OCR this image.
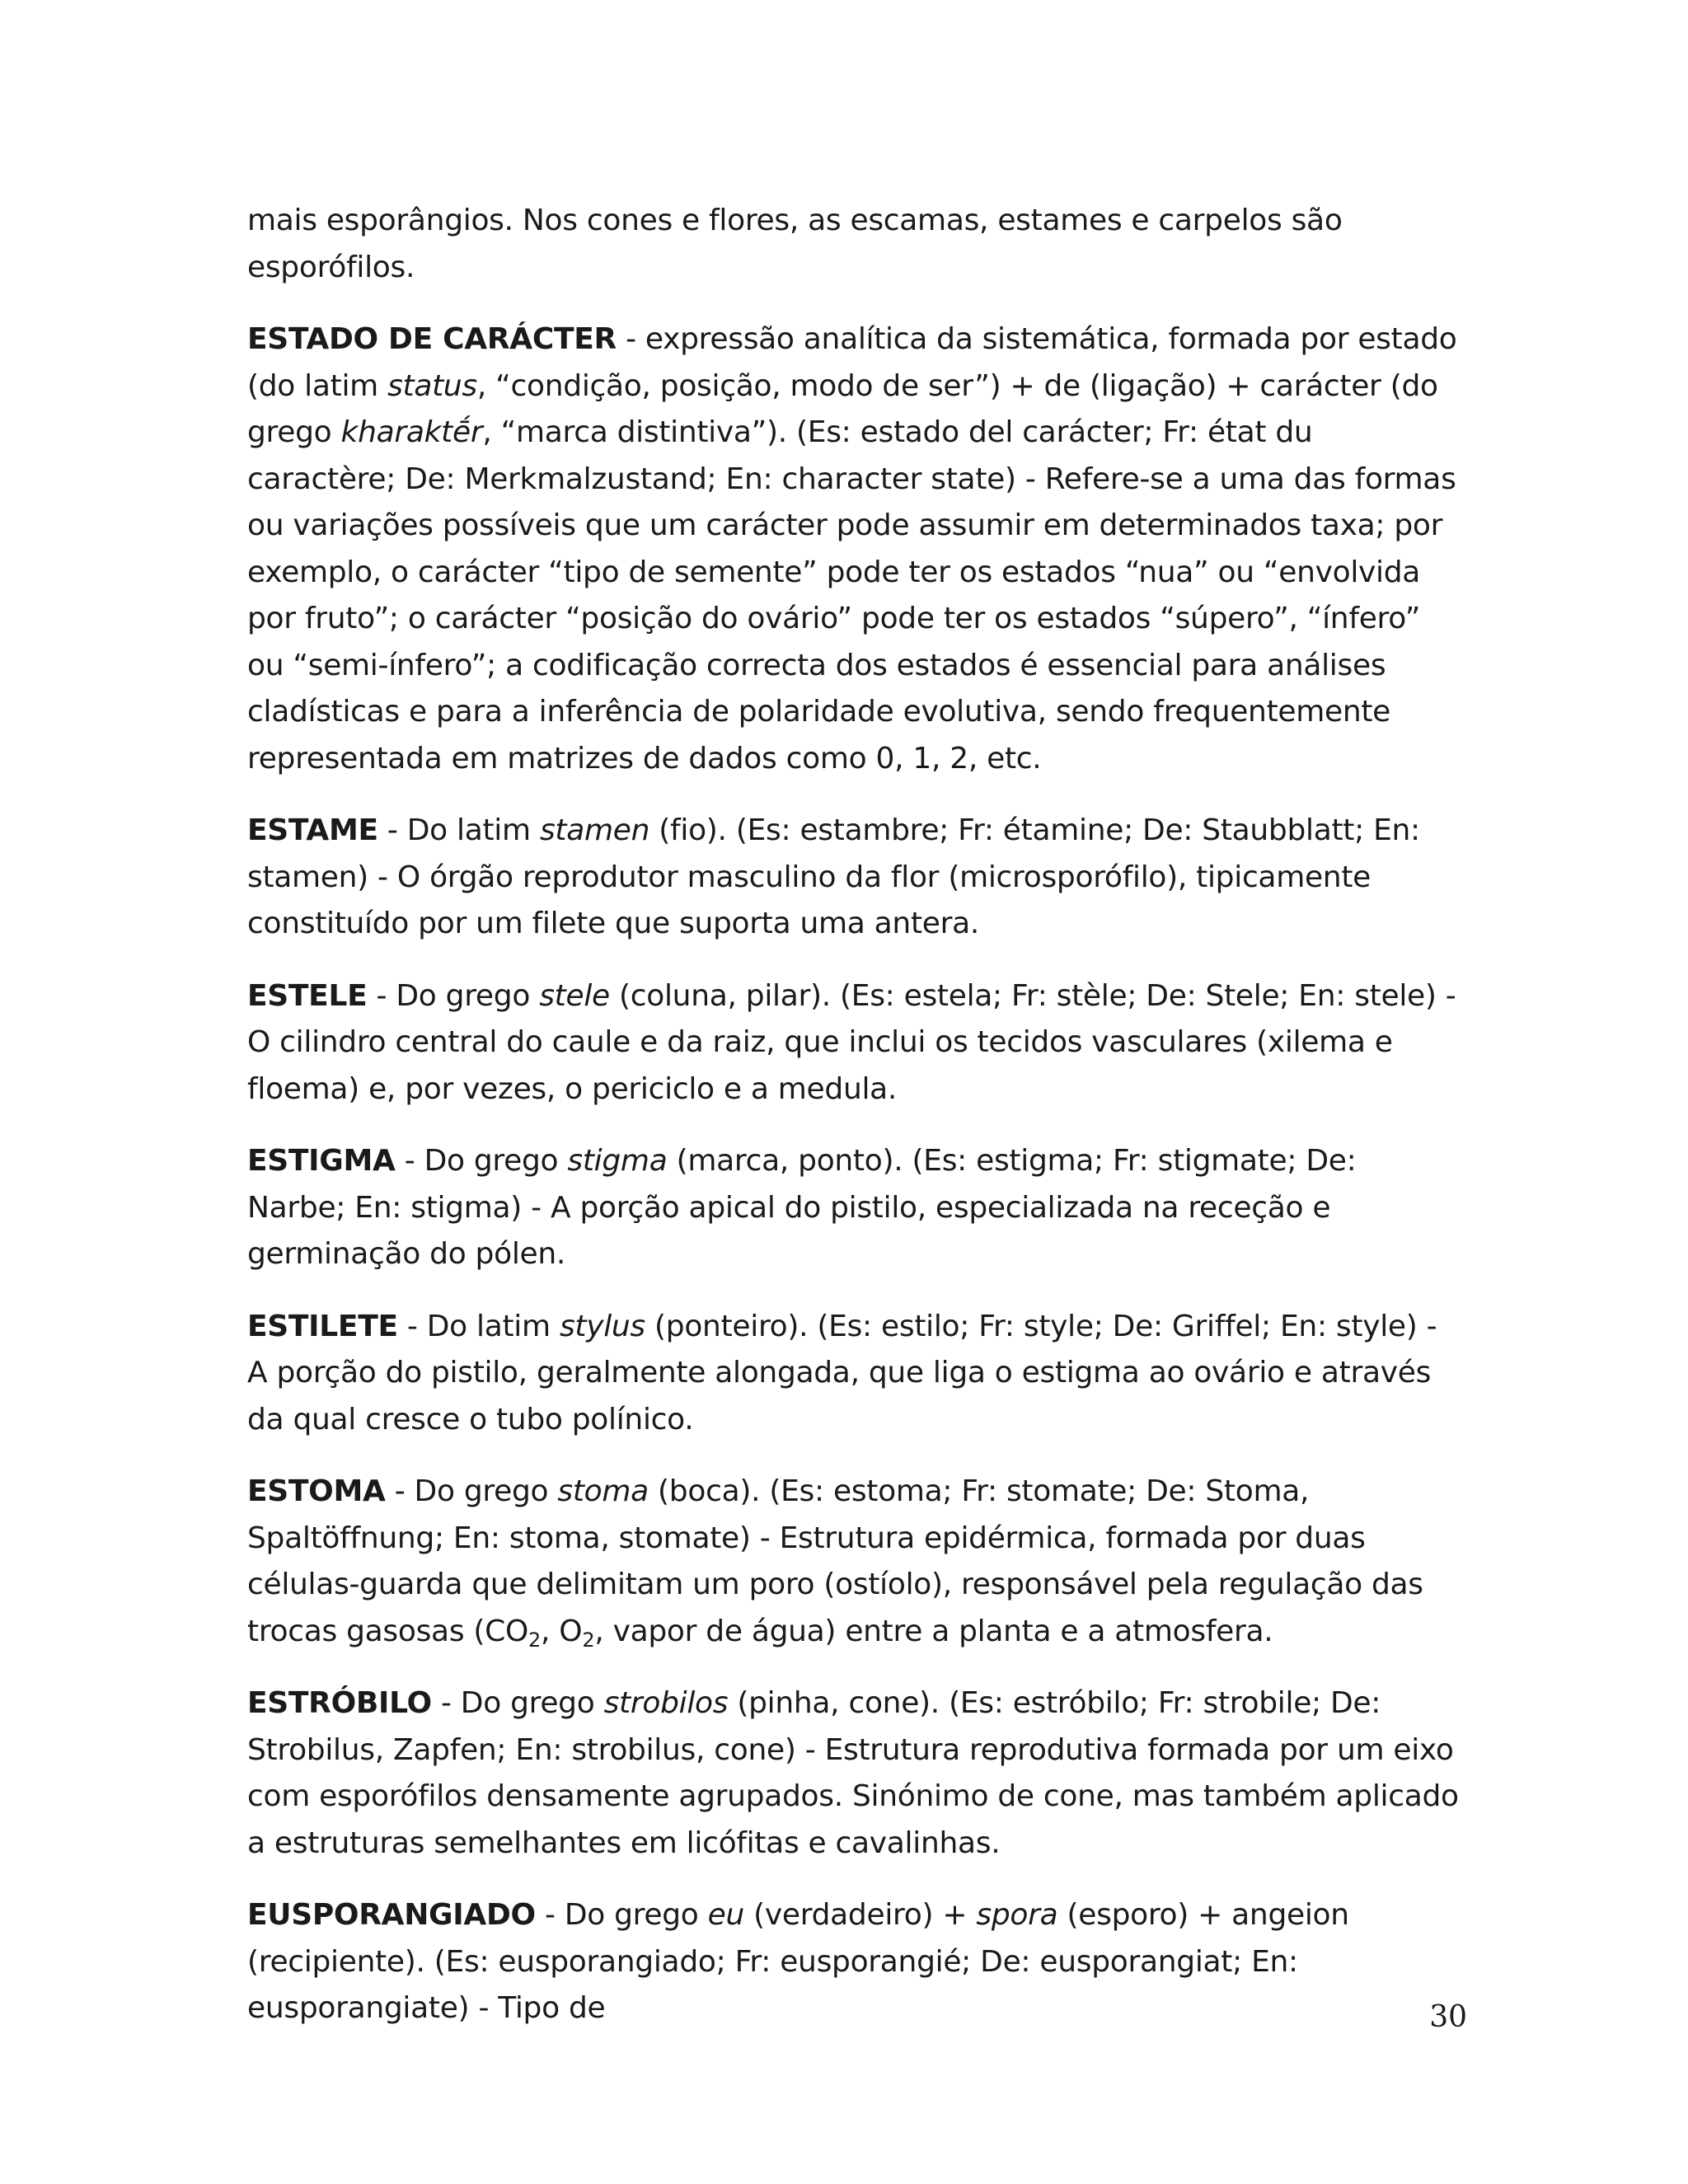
mais esporângios. Nos cones e flores, as escamas, estames e carpelos são esporófilos.

ESTADO DE CARÁCTER - expressão analítica da sistemática, formada por estado (do latim status, “condição, posição, modo de ser”) + de (ligação) + carácter (do grego kharaktḗr, “marca distintiva”). (Es: estado del carácter; Fr: état du caractère; De: Merkmalzustand; En: character state) - Refere-se a uma das formas ou variações possíveis que um carácter pode assumir em determinados taxa; por exemplo, o carácter “tipo de semente” pode ter os estados “nua” ou “envolvida por fruto”; o carácter “posição do ovário” pode ter os estados “súpero”, “ínfero” ou “semi-ínfero”; a codificação correcta dos estados é essencial para análises cladísticas e para a inferência de polaridade evolutiva, sendo frequentemente representada em matrizes de dados como 0, 1, 2, etc.

ESTAME - Do latim stamen (fio). (Es: estambre; Fr: étamine; De: Staubblatt; En: stamen) - O órgão reprodutor masculino da flor (microsporófilo), tipicamente constituído por um filete que suporta uma antera.

ESTELE - Do grego stele (coluna, pilar). (Es: estela; Fr: stèle; De: Stele; En: stele) - O cilindro central do caule e da raiz, que inclui os tecidos vasculares (xilema e floema) e, por vezes, o periciclo e a medula.

ESTIGMA - Do grego stigma (marca, ponto). (Es: estigma; Fr: stigmate; De: Narbe; En: stigma) - A porção apical do pistilo, especializada na receção e germinação do pólen.

ESTILETE - Do latim stylus (ponteiro). (Es: estilo; Fr: style; De: Griffel; En: style) - A porção do pistilo, geralmente alongada, que liga o estigma ao ovário e através da qual cresce o tubo polínico.

ESTOMA - Do grego stoma (boca). (Es: estoma; Fr: stomate; De: Stoma, Spaltöffnung; En: stoma, stomate) - Estrutura epidérmica, formada por duas células-guarda que delimitam um poro (ostíolo), responsável pela regulação das trocas gasosas ($CO_2$, $O_2$, vapor de água) entre a planta e a atmosfera.

ESTRÓBILO - Do grego strobilos (pinha, cone). (Es: estróbilo; Fr: strobile; De: Strobilus, Zapfen; En: strobilus, cone) - Estrutura reprodutiva formada por um eixo com esporófilos densamente agrupados. Sinónimo de cone, mas também aplicado a estruturas semelhantes em licófitas e cavalinhas.

EUSPORANGIADO - Do grego eu (verdadeiro) + spora (esporo) + angeion (recipiente). (Es: eusporangiado; Fr: eusporangié; De: eusporangiat; En: eusporangiate) - Tipo de	30
